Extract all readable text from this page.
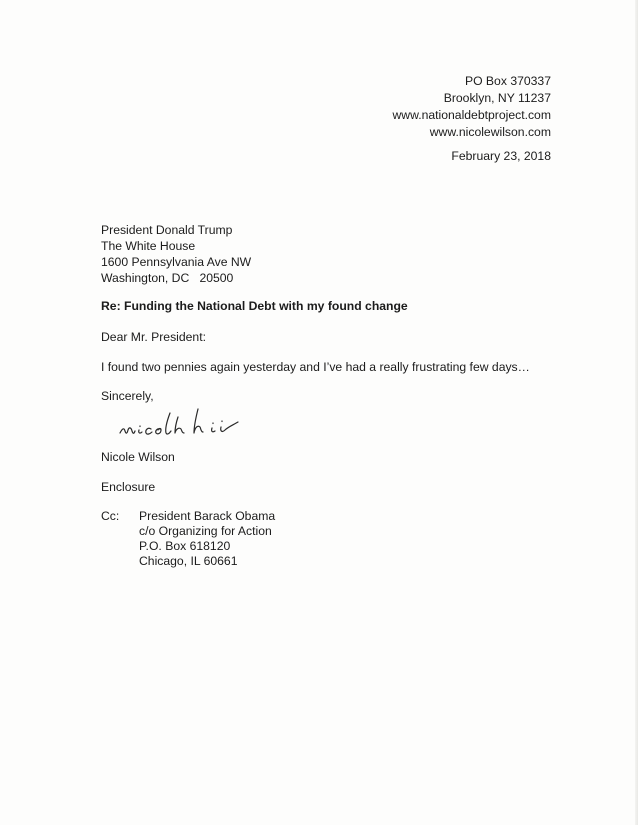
PO Box 370337
Brooklyn, NY 11237
www.nationaldebtproject.com
www.nicolewilson.com
February 23, 2018
President Donald Trump
The White House
1600 Pennsylvania Ave NW
Washington, DC   20500
Re: Funding the National Debt with my found change
Dear Mr. President:
I found two pennies again yesterday and I’ve had a really frustrating few days…
Sincerely,
Nicole Wilson
Enclosure
Cc: President Barack Obama
c/o Organizing for Action
P.O. Box 618120
Chicago, IL 60661
